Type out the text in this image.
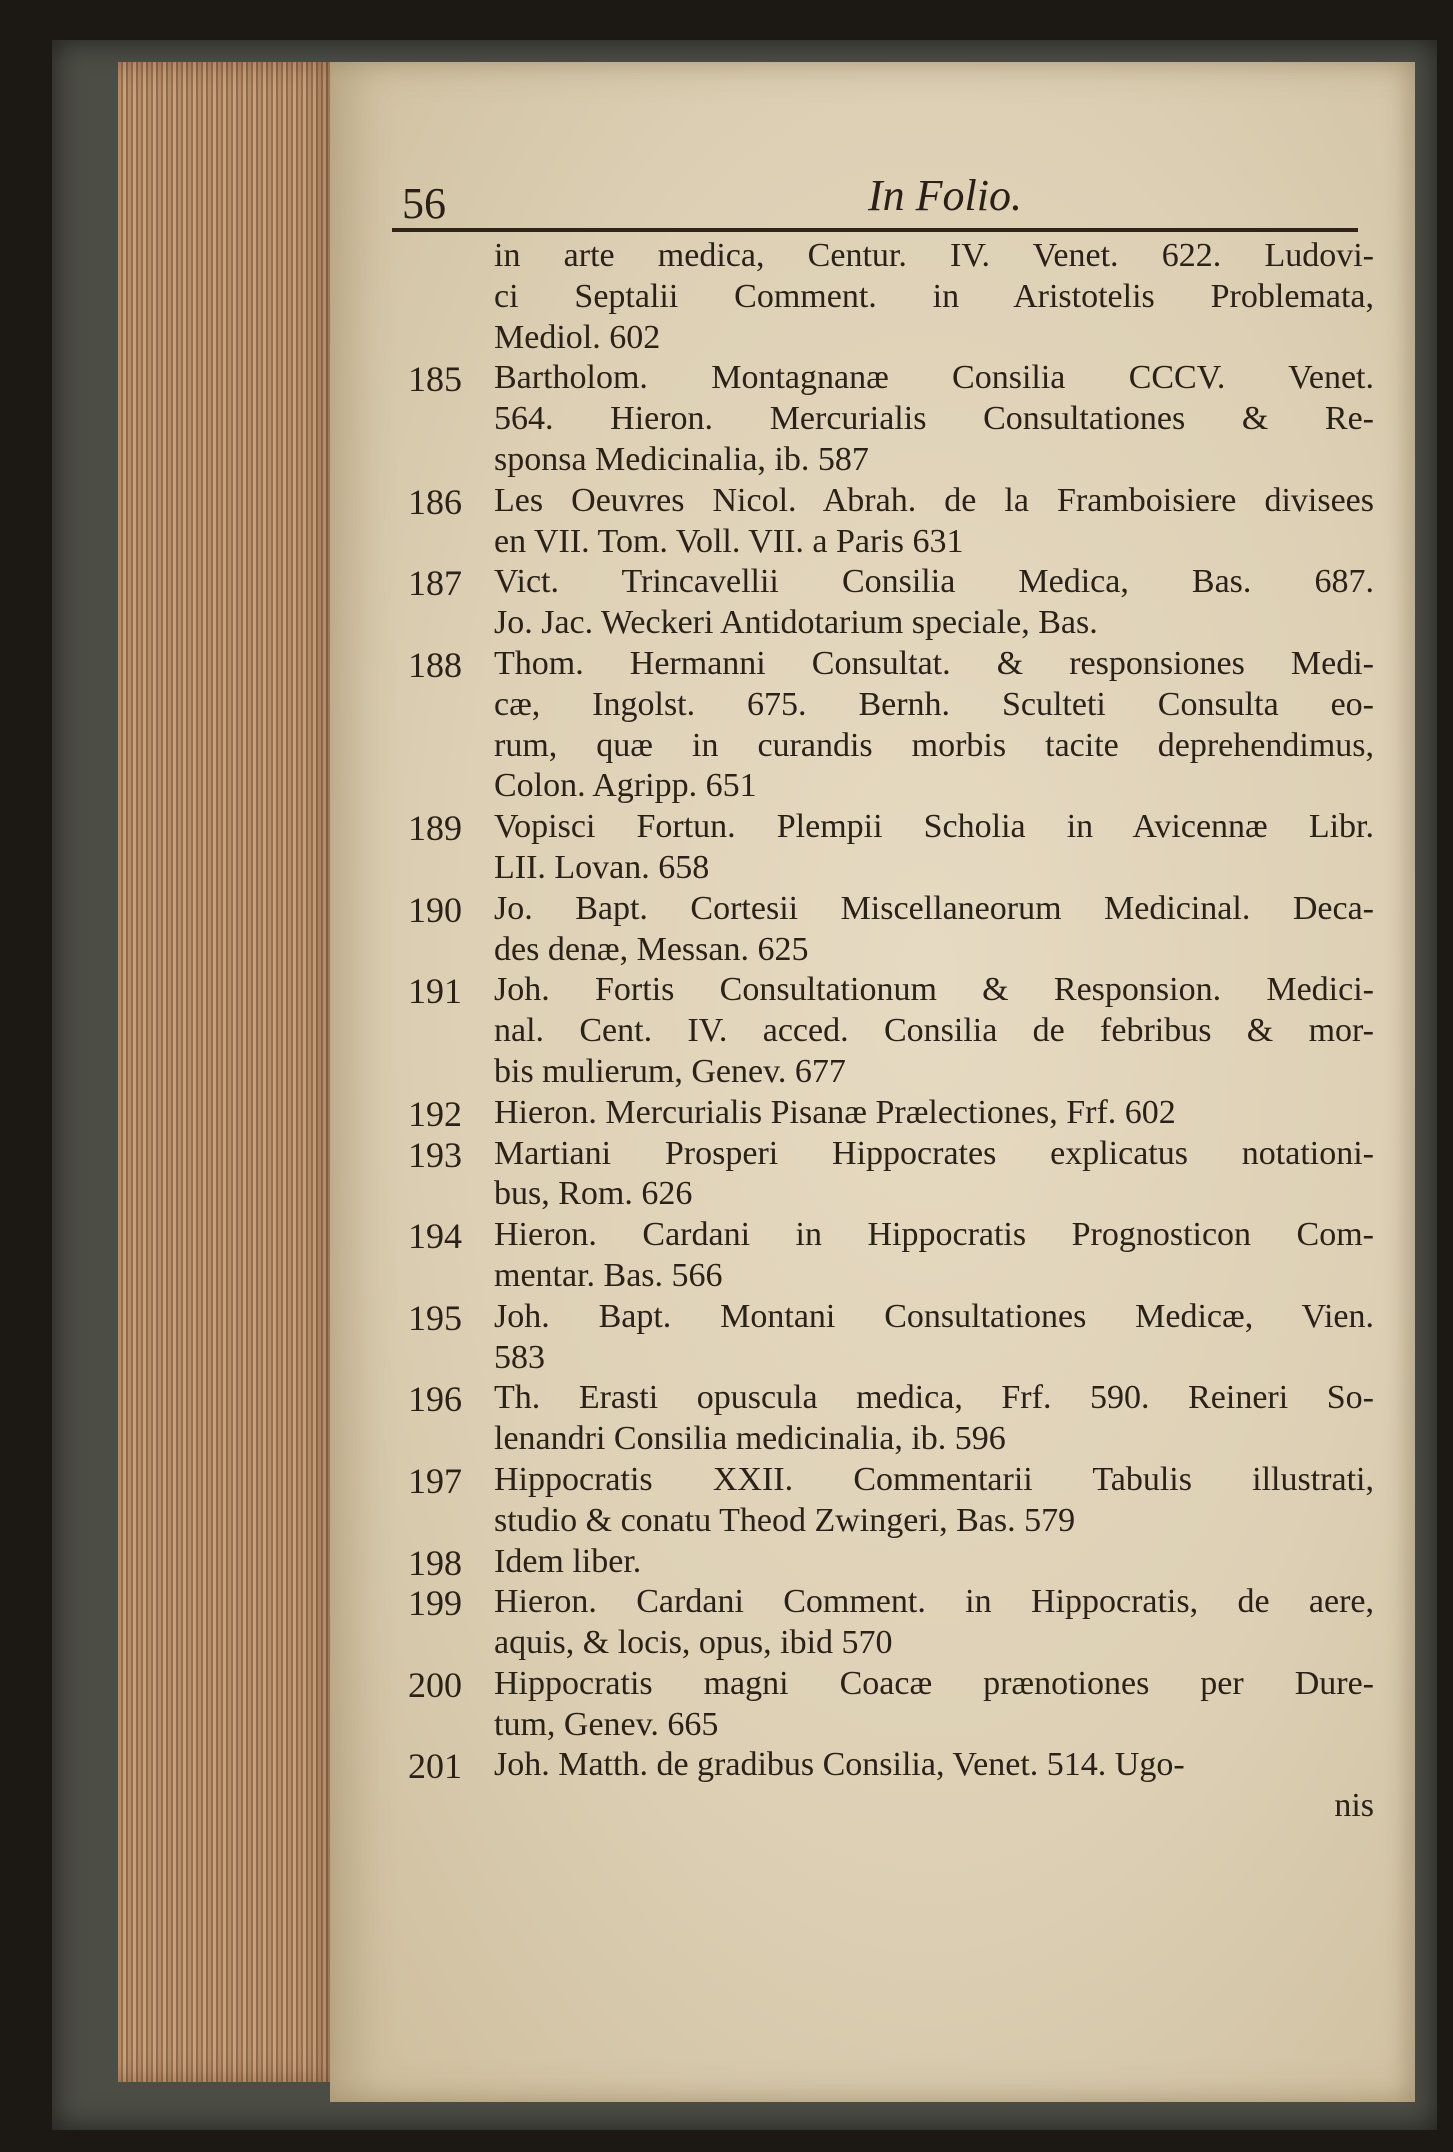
56	In Folio.
in arte medica, Centur. IV. Venet. 622. Ludovi-
ci Septalii Comment. in Aristotelis Problemata,
Mediol. 602
185 Bartholom. Montagnanæ Consilia CCCV. Venet.
564. Hieron. Mercurialis Consultationes & Re-
sponsa Medicinalia, ib. 587
186 Les Oeuvres Nicol. Abrah. de la Framboisiere divisees
en VII. Tom. Voll. VII. a Paris 631
187 Vict. Trincavellii Consilia Medica, Bas. 687.
Jo. Jac. Weckeri Antidotarium speciale, Bas.
188 Thom. Hermanni Consultat. & responsiones Medi-
cæ, Ingolst. 675. Bernh. Sculteti Consulta eo-
rum, quæ in curandis morbis tacite deprehendimus,
Colon. Agripp. 651
189 Vopisci Fortun. Plempii Scholia in Avicennæ Libr.
LII. Lovan. 658
190 Jo. Bapt. Cortesii Miscellaneorum Medicinal. Deca-
des denæ, Messan. 625
191 Joh. Fortis Consultationum & Responsion. Medici-
nal. Cent. IV. acced. Consilia de febribus & mor-
bis mulierum, Genev. 677
192 Hieron. Mercurialis Pisanæ Prælectiones, Frf. 602
193 Martiani Prosperi Hippocrates explicatus notationi-
bus, Rom. 626
194 Hieron. Cardani in Hippocratis Prognosticon Com-
mentar. Bas. 566
195 Joh. Bapt. Montani Consultationes Medicæ, Vien.
583
196 Th. Erasti opuscula medica, Frf. 590. Reineri So-
lenandri Consilia medicinalia, ib. 596
197 Hippocratis XXII. Commentarii Tabulis illustrati,
studio & conatu Theod Zwingeri, Bas. 579
198 Idem liber.
199 Hieron. Cardani Comment. in Hippocratis, de aere,
aquis, & locis, opus, ibid 570
200 Hippocratis magni Coacæ prænotiones per Dure-
tum, Genev. 665
201 Joh. Matth. de gradibus Consilia, Venet. 514. Ugo-
nis
